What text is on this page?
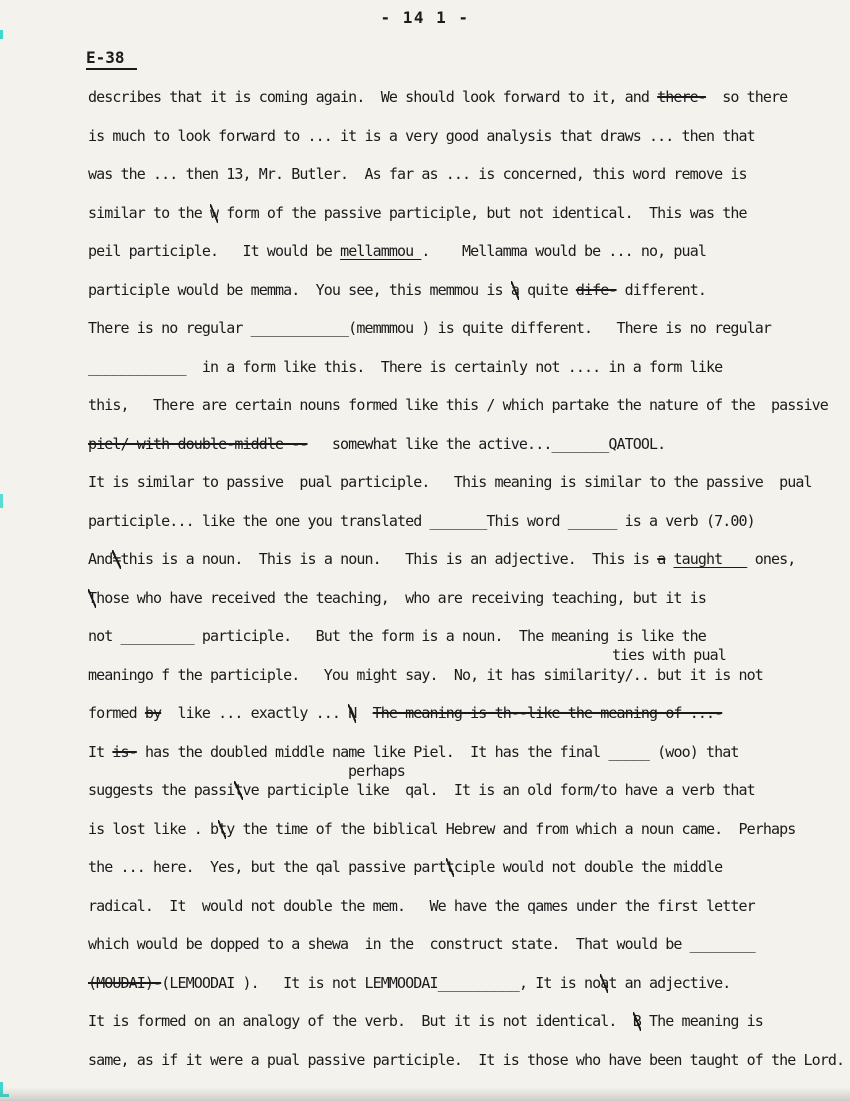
- 14 1 -
E-38
describes that it is coming again.  We should look forward to it, and there-  so there
is much to look forward to ... it is a very good analysis that draws ... then that
was the ... then 13, Mr. Butler.  As far as ... is concerned, this word remove is
similar to the w form of the passive participle, but not identical.  This was the
peil participle.   It would be mellammou .    Mellamma would be ... no, pual
participle would be memma.  You see, this memmou is a quite dife- different.
There is no regular ____________(memmmou ) is quite different.   There is no regular
____________  in a form like this.  There is certainly not .... in a form like
this,   There are certain nouns formed like this / which partake the nature of the  passive
piel/ with double-middle --   somewhat like the active..._______QATOOL.
It is similar to passive  pual participle.   This meaning is similar to the passive  pual
participle... like the one you translated _______This word ______ is a verb (7.00)
And=this is a noun.  This is a noun.   This is an adjective.  This is a taught __ ones,
Those who have received the teaching,  who are receiving teaching, but it is
not _________ participle.   But the form is a noun.  The meaning is like the
meaningo f the participle.   You might say.  No, it has similarity/.. but it is not
formed by  like ... exactly ... N The meaning is th--like the meaning of ...-
It is- has the doubled middle name like Piel.  It has the final _____ (woo) that
suggests the passitve participle like  qal.  It is an old form/to have a verb that
is lost like . bty the time of the biblical Hebrew and from which a noun came.  Perhaps
the ... here.  Yes, but the qal passive parttciple would not double the middle
radical.  It  would not double the mem.   We have the qames under the first letter
which would be dopped to a shewa  in the  construct state.  That would be ________
(MOUDAI)-(LEMOODAI ).   It is not LEMMOODAI__________, It is noat an adjective.
It is formed on an analogy of the verb.  But it is not identical.  B The meaning is
same, as if it were a pual passive participle.  It is those who have been taught of the Lord.
ties with pual
perhaps
